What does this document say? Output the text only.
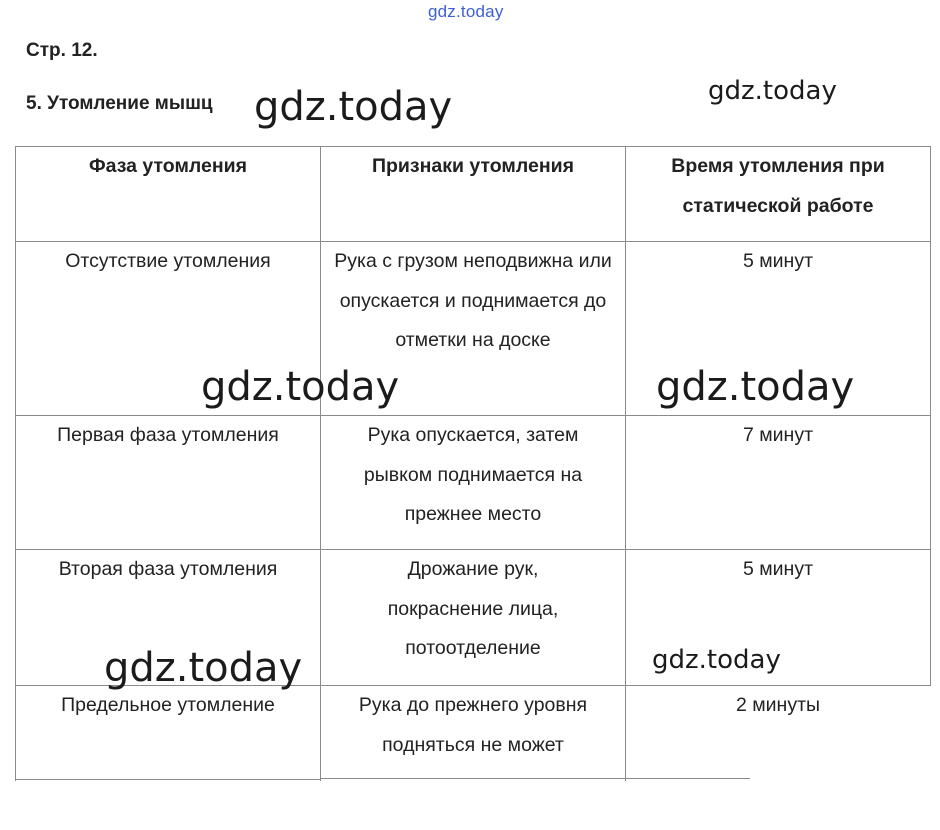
gdz.today
Стр. 12.
5. Утомление мышц
Фаза утомления	Признаки утомления	Время утомления при статической работе
Отсутствие утомления	Рука с грузом неподвижна или опускается и поднимается до отметки на доске	5 минут
Первая фаза утомления	Рука опускается, затем рывком поднимается на прежнее место	7 минут
Вторая фаза утомления	Дрожание рук, покраснение лица, потоотделение	5 минут
Предельное утомление	Рука до прежнего уровня подняться не может	2 минуты
gdz.today	gdz.today
gdz.today	gdz.today
gdz.today	gdz.today
